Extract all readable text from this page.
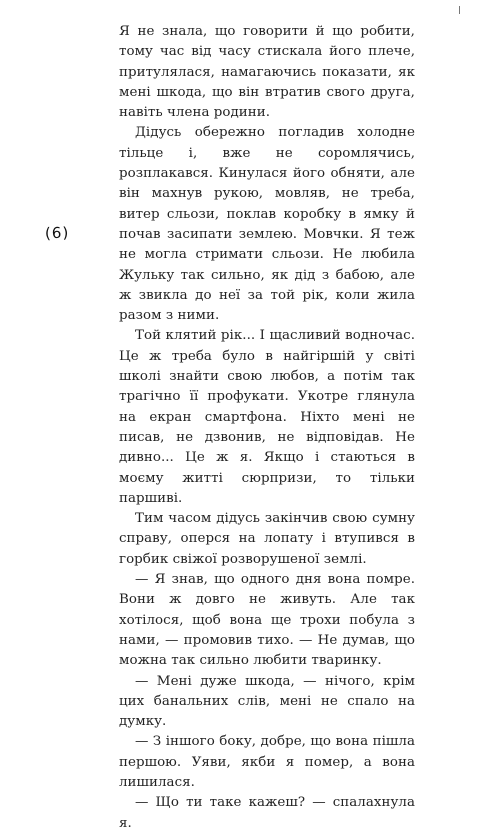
(6)

Я не знала, що говорити й що робити, тому час від часу стискала його плече, притулялася, намагаючись показати, як мені шкода, що він втратив свого друга, навіть члена родини.

Дідусь обережно погладив холодне тільце і, вже не соромлячись, розплакався. Кинулася його обняти, але він махнув рукою, мовляв, не треба, витер сльози, поклав коробку в ямку й почав засипати землею. Мовчки. Я теж не могла стримати сльози. Не любила Жульку так сильно, як дід з бабою, але ж звикла до неї за той рік, коли жила разом з ними.

Той клятий рік... І щасливий водночас. Це ж треба було в найгіршій у світі школі знайти свою любов, а потім так трагічно її профукати. Укотре глянула на екран смартфона. Ніхто мені не писав, не дзвонив, не відповідав. Не дивно... Це ж я. Якщо і стаються в моєму житті сюрпризи, то тільки паршиві.

Тим часом дідусь закінчив свою сумну справу, оперся на лопату і втупився в горбик свіжої розворушеної землі.

— Я знав, що одного дня вона помре. Вони ж довго не живуть. Але так хотілося, щоб вона ще трохи побула з нами, — промовив тихо. — Не думав, що можна так сильно любити тваринку.

— Мені дуже шкода, — нічого, крім цих банальних слів, мені не спало на думку.

— З іншого боку, добре, що вона пішла першою. Уяви, якби я помер, а вона лишилася.

— Що ти таке кажеш? — спалахнула я.
